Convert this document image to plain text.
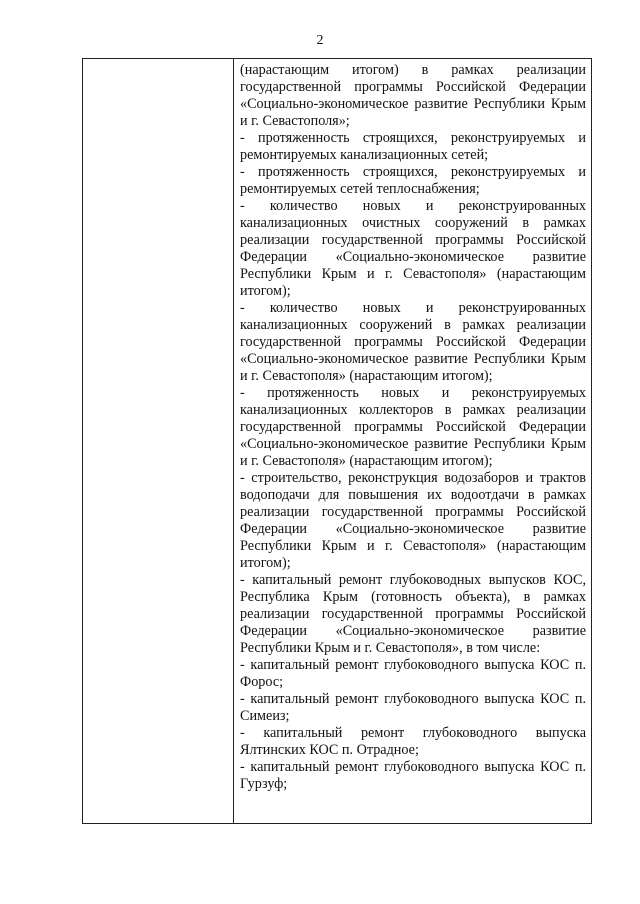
2

(нарастающим итогом) в рамках реализации государственной программы Российской Федерации «Социально-экономическое развитие Республики Крым и г. Севастополя»;

- протяженность строящихся, реконструируемых и ремонтируемых канализационных сетей;

- протяженность строящихся, реконструируемых и ремонтируемых сетей теплоснабжения;

- количество новых и реконструированных канализационных очистных сооружений в рамках реализации государственной программы Российской Федерации «Социально-экономическое развитие Республики Крым и г. Севастополя» (нарастающим итогом);

- количество новых и реконструированных канализационных сооружений в рамках реализации государственной программы Российской Федерации «Социально-экономическое развитие Республики Крым и г. Севастополя» (нарастающим итогом);

- протяженность новых и реконструируемых канализационных коллекторов в рамках реализации государственной программы Российской Федерации «Социально-экономическое развитие Республики Крым и г. Севастополя» (нарастающим итогом);

- строительство, реконструкция водозаборов и трактов водоподачи для повышения их водоотдачи в рамках реализации государственной программы Российской Федерации «Социально-экономическое развитие Республики Крым и г. Севастополя» (нарастающим итогом);

- капитальный ремонт глубоководных выпусков КОС, Республика Крым (готовность объекта), в рамках реализации государственной программы Российской Федерации «Социально-экономическое развитие Республики Крым и г. Севастополя», в том числе:

- капитальный ремонт глубоководного выпуска КОС п. Форос;

- капитальный ремонт глубоководного выпуска КОС п. Симеиз;

- капитальный ремонт глубоководного выпуска Ялтинских КОС п. Отрадное;

- капитальный ремонт глубоководного выпуска КОС п. Гурзуф;
